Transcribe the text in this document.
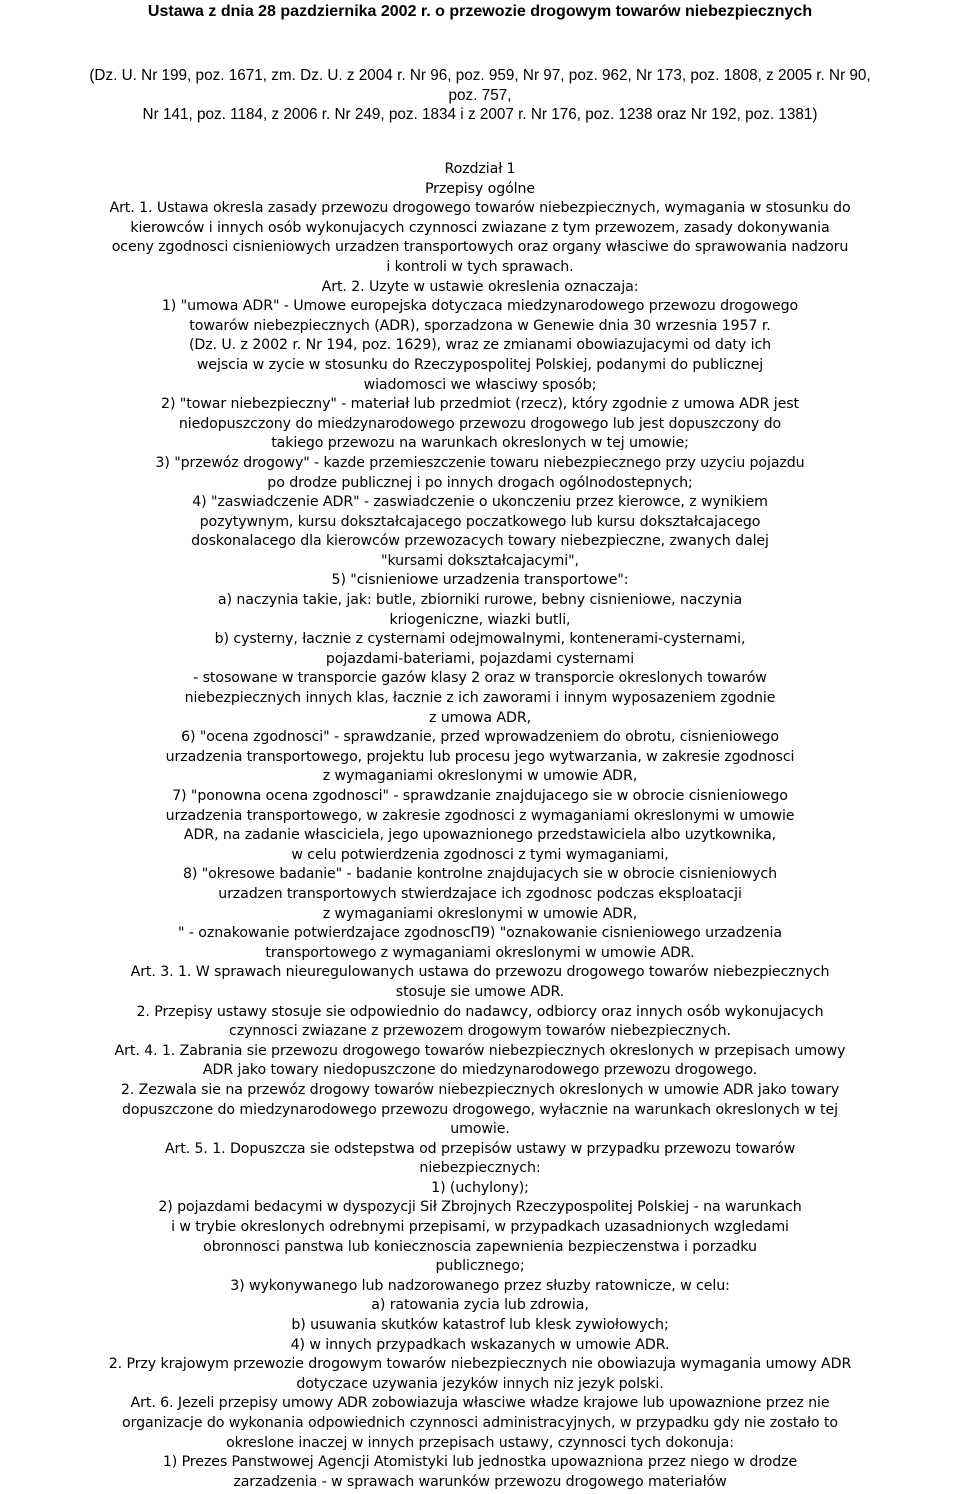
Ustawa z dnia 28 pazdziernika 2002 r. o przewozie drogowym towarów niebezpiecznych
(Dz. U. Nr 199, poz. 1671, zm. Dz. U. z 2004 r. Nr 96, poz. 959, Nr 97, poz. 962, Nr 173, poz. 1808, z 2005 r. Nr 90,
poz. 757,
Nr 141, poz. 1184, z 2006 r. Nr 249, poz. 1834 i z 2007 r. Nr 176, poz. 1238 oraz Nr 192, poz. 1381)
Rozdział 1
Przepisy ogólne
Art. 1. Ustawa okresla zasady przewozu drogowego towarów niebezpiecznych, wymagania w stosunku do
kierowców i innych osób wykonujacych czynnosci zwiazane z tym przewozem, zasady dokonywania
oceny zgodnosci cisnieniowych urzadzen transportowych oraz organy własciwe do sprawowania nadzoru
i kontroli w tych sprawach.
Art. 2. Uzyte w ustawie okreslenia oznaczaja:
1) "umowa ADR" - Umowe europejska dotyczaca miedzynarodowego przewozu drogowego
towarów niebezpiecznych (ADR), sporzadzona w Genewie dnia 30 wrzesnia 1957 r.
(Dz. U. z 2002 r. Nr 194, poz. 1629), wraz ze zmianami obowiazujacymi od daty ich
wejscia w zycie w stosunku do Rzeczypospolitej Polskiej, podanymi do publicznej
wiadomosci we własciwy sposób;
2) "towar niebezpieczny" - materiał lub przedmiot (rzecz), który zgodnie z umowa ADR jest
niedopuszczony do miedzynarodowego przewozu drogowego lub jest dopuszczony do
takiego przewozu na warunkach okreslonych w tej umowie;
3) "przewóz drogowy" - kazde przemieszczenie towaru niebezpiecznego przy uzyciu pojazdu
po drodze publicznej i po innych drogach ogólnodostepnych;
4) "zaswiadczenie ADR" - zaswiadczenie o ukonczeniu przez kierowce, z wynikiem
pozytywnym, kursu dokształcajacego poczatkowego lub kursu dokształcajacego
doskonalacego dla kierowców przewozacych towary niebezpieczne, zwanych dalej
"kursami dokształcajacymi",
5) "cisnieniowe urzadzenia transportowe":
a) naczynia takie, jak: butle, zbiorniki rurowe, bebny cisnieniowe, naczynia
kriogeniczne, wiazki butli,
b) cysterny, łacznie z cysternami odejmowalnymi, kontenerami-cysternami,
pojazdami-bateriami, pojazdami cysternami
- stosowane w transporcie gazów klasy 2 oraz w transporcie okreslonych towarów
niebezpiecznych innych klas, łacznie z ich zaworami i innym wyposazeniem zgodnie
z umowa ADR,
6) "ocena zgodnosci" - sprawdzanie, przed wprowadzeniem do obrotu, cisnieniowego
urzadzenia transportowego, projektu lub procesu jego wytwarzania, w zakresie zgodnosci
z wymaganiami okreslonymi w umowie ADR,
7) "ponowna ocena zgodnosci" - sprawdzanie znajdujacego sie w obrocie cisnieniowego
urzadzenia transportowego, w zakresie zgodnosci z wymaganiami okreslonymi w umowie
ADR, na zadanie własciciela, jego upowaznionego przedstawiciela albo uzytkownika,
w celu potwierdzenia zgodnosci z tymi wymaganiami,
8) "okresowe badanie" - badanie kontrolne znajdujacych sie w obrocie cisnieniowych
urzadzen transportowych stwierdzajace ich zgodnosc podczas eksploatacji
z wymaganiami okreslonymi w umowie ADR,
" - oznakowanie potwierdzajace zgodnoscΠ9) "oznakowanie cisnieniowego urzadzenia
transportowego z wymaganiami okreslonymi w umowie ADR.
Art. 3. 1. W sprawach nieuregulowanych ustawa do przewozu drogowego towarów niebezpiecznych
stosuje sie umowe ADR.
2. Przepisy ustawy stosuje sie odpowiednio do nadawcy, odbiorcy oraz innych osób wykonujacych
czynnosci zwiazane z przewozem drogowym towarów niebezpiecznych.
Art. 4. 1. Zabrania sie przewozu drogowego towarów niebezpiecznych okreslonych w przepisach umowy
ADR jako towary niedopuszczone do miedzynarodowego przewozu drogowego.
2. Zezwala sie na przewóz drogowy towarów niebezpiecznych okreslonych w umowie ADR jako towary
dopuszczone do miedzynarodowego przewozu drogowego, wyłacznie na warunkach okreslonych w tej
umowie.
Art. 5. 1. Dopuszcza sie odstepstwa od przepisów ustawy w przypadku przewozu towarów
niebezpiecznych:
1) (uchylony);
2) pojazdami bedacymi w dyspozycji Sił Zbrojnych Rzeczypospolitej Polskiej - na warunkach
i w trybie okreslonych odrebnymi przepisami, w przypadkach uzasadnionych wzgledami
obronnosci panstwa lub koniecznoscia zapewnienia bezpieczenstwa i porzadku
publicznego;
3) wykonywanego lub nadzorowanego przez słuzby ratownicze, w celu:
a) ratowania zycia lub zdrowia,
b) usuwania skutków katastrof lub klesk zywiołowych;
4) w innych przypadkach wskazanych w umowie ADR.
2. Przy krajowym przewozie drogowym towarów niebezpiecznych nie obowiazuja wymagania umowy ADR
dotyczace uzywania jezyków innych niz jezyk polski.
Art. 6. Jezeli przepisy umowy ADR zobowiazuja własciwe władze krajowe lub upowaznione przez nie
organizacje do wykonania odpowiednich czynnosci administracyjnych, w przypadku gdy nie zostało to
okreslone inaczej w innych przepisach ustawy, czynnosci tych dokonuja:
1) Prezes Panstwowej Agencji Atomistyki lub jednostka upowazniona przez niego w drodze
zarzadzenia - w sprawach warunków przewozu drogowego materiałów
